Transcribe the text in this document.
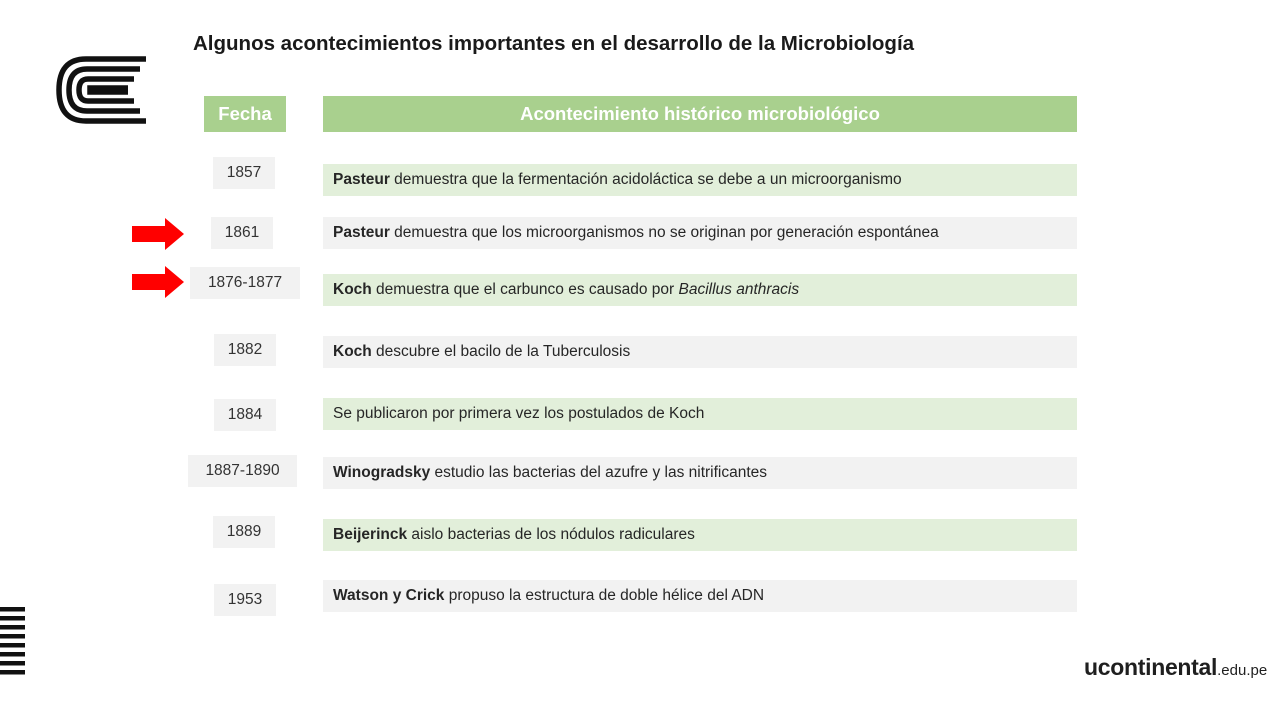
Algunos acontecimientos importantes en el desarrollo de la Microbiología
Fecha	Acontecimiento histórico microbiológico
1857	Pasteur demuestra que la fermentación acidoláctica se debe a un microorganismo
1861	Pasteur demuestra que los microorganismos no se originan por generación espontánea
1876-1877	Koch demuestra que el carbunco es causado por Bacillus anthracis
1882	Koch descubre el bacilo de la Tuberculosis
1884	Se publicaron por primera vez los postulados de Koch
1887-1890	Winogradsky estudio las bacterias del azufre y las nitrificantes
1889	Beijerinck aislo bacterias de los nódulos radiculares
1953	Watson y Crick propuso la estructura de doble hélice del ADN
ucontinental.edu.pe
